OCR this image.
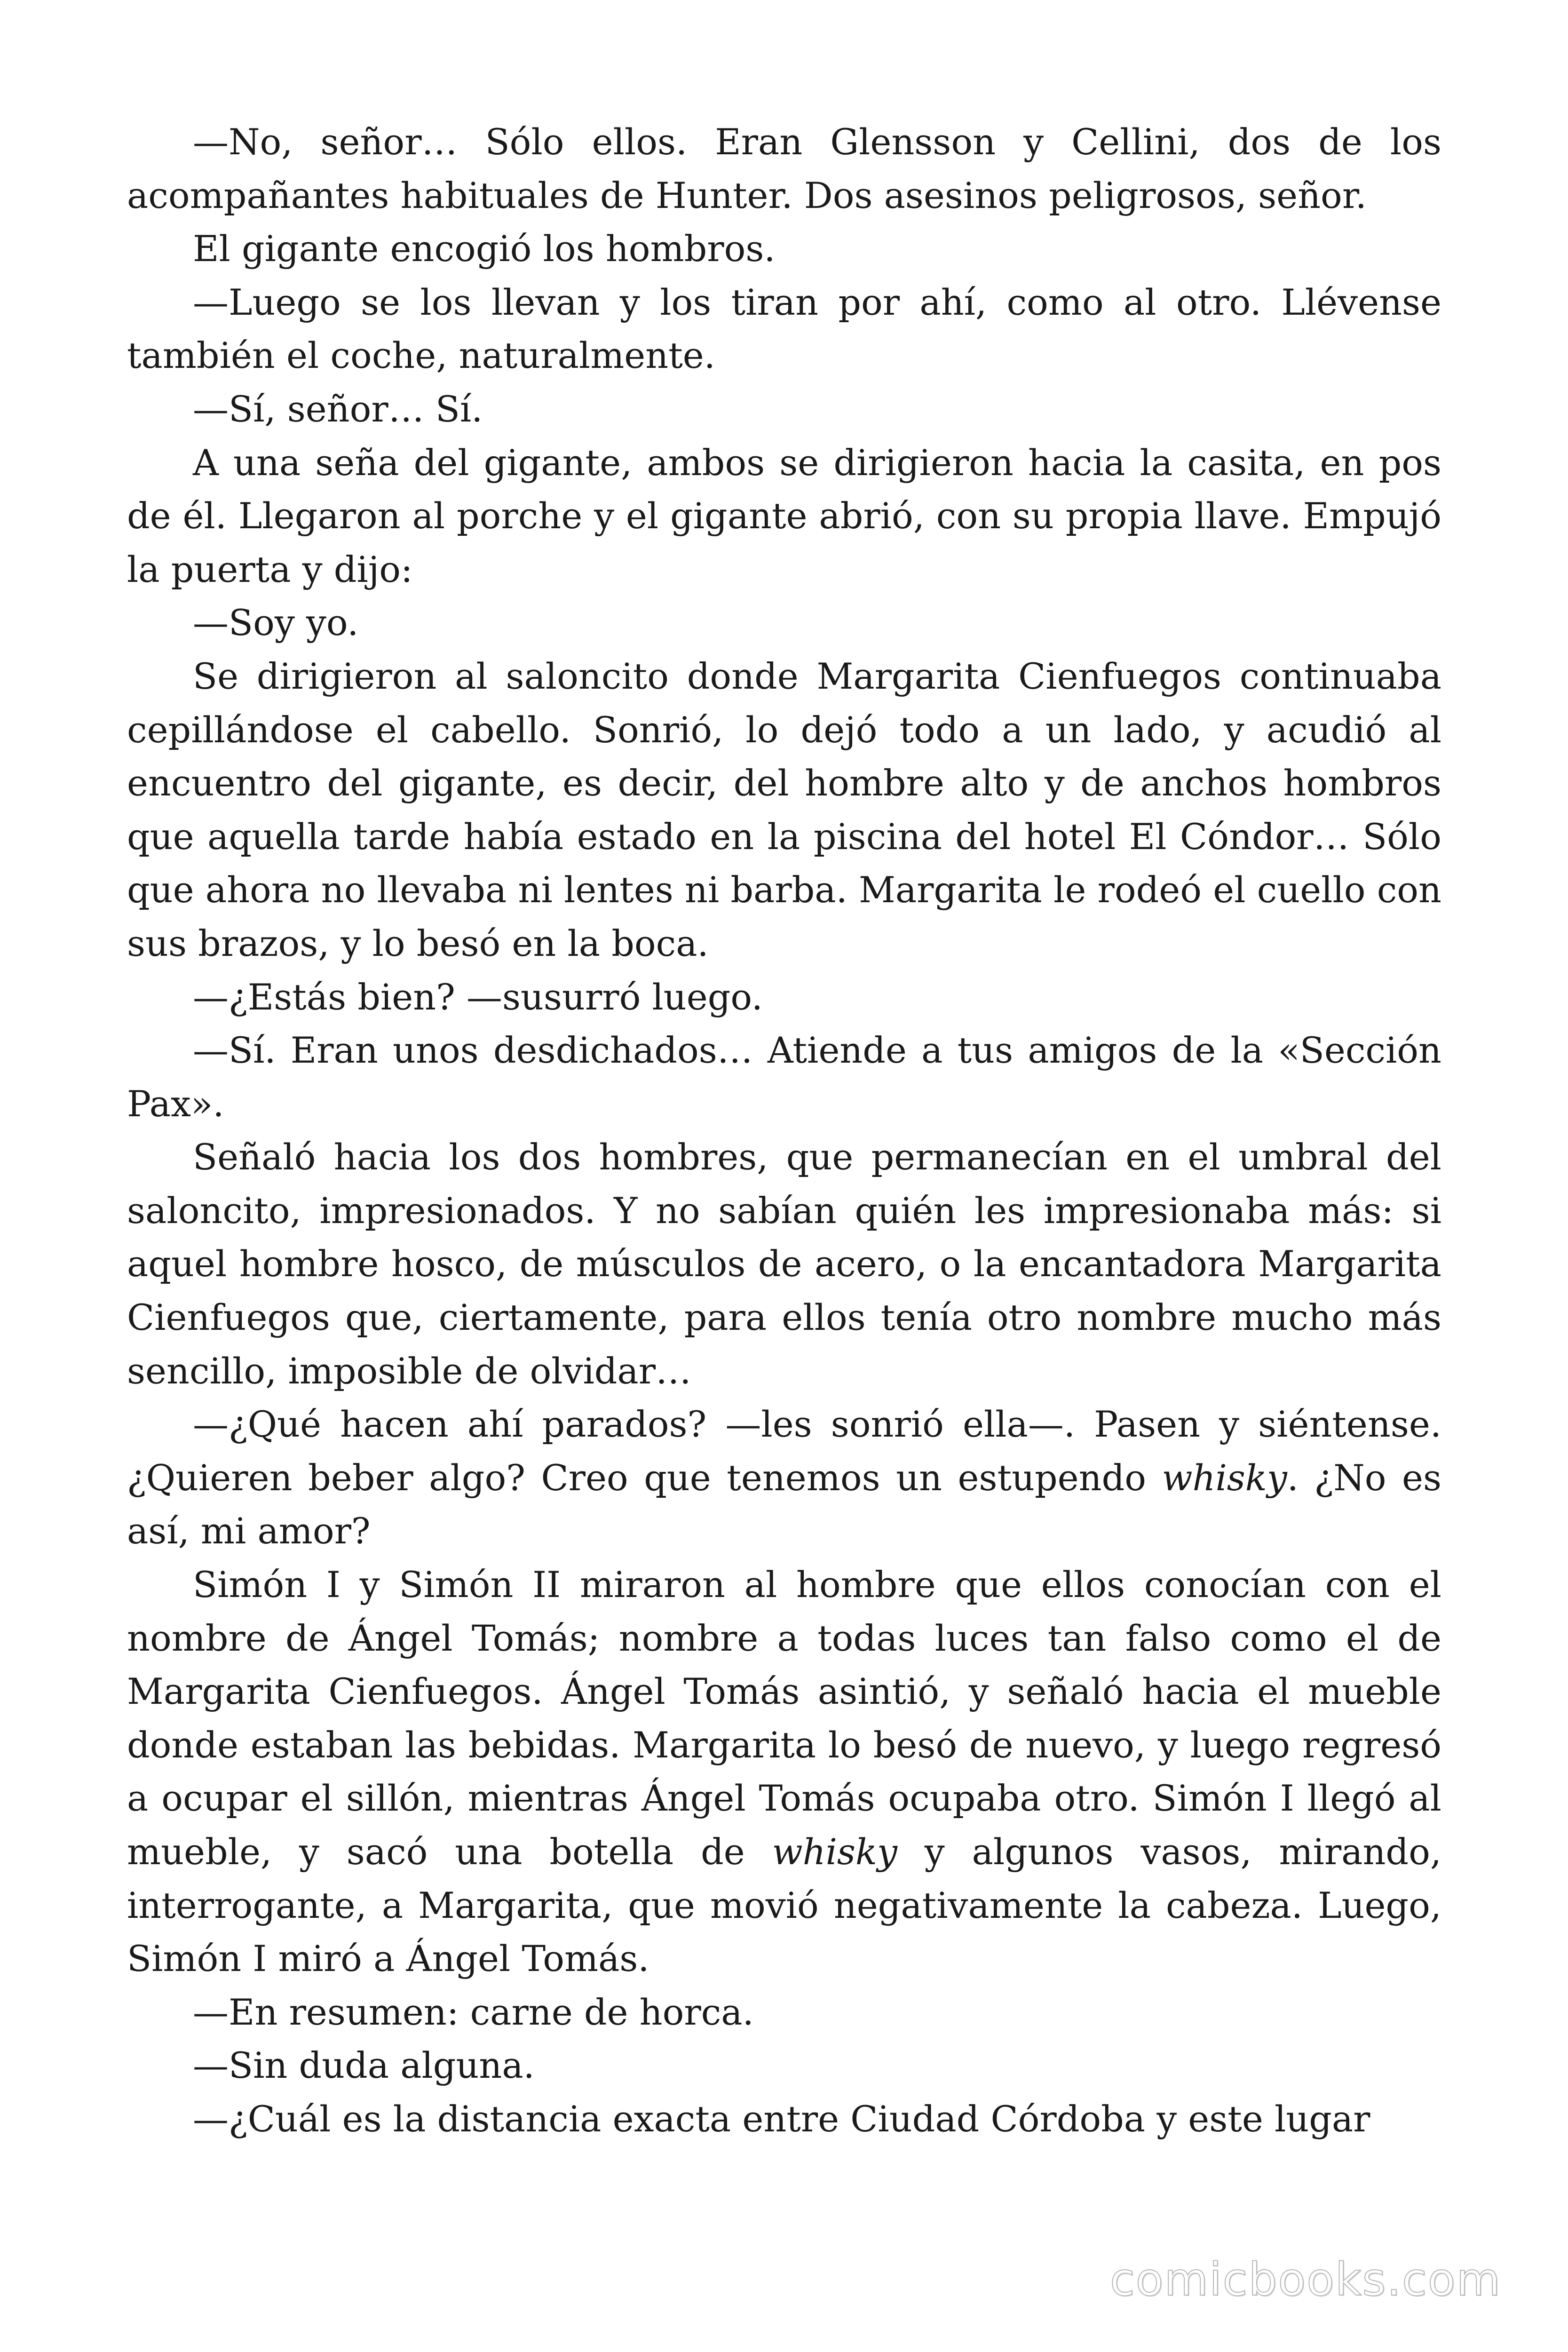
—No, señor… Sólo ellos. Eran Glensson y Cellini, dos de los acompañantes habituales de Hunter. Dos asesinos peligrosos, señor.

El gigante encogió los hombros.

—Luego se los llevan y los tiran por ahí, como al otro. Llévense también el coche, naturalmente.

—Sí, señor… Sí.

A una seña del gigante, ambos se dirigieron hacia la casita, en pos de él. Llegaron al porche y el gigante abrió, con su propia llave. Empujó la puerta y dijo:

—Soy yo.

Se dirigieron al saloncito donde Margarita Cienfuegos continuaba cepillándose el cabello. Sonrió, lo dejó todo a un lado, y acudió al encuentro del gigante, es decir, del hombre alto y de anchos hombros que aquella tarde había estado en la piscina del hotel El Cóndor… Sólo que ahora no llevaba ni lentes ni barba. Margarita le rodeó el cuello con sus brazos, y lo besó en la boca.

—¿Estás bien? —susurró luego.

—Sí. Eran unos desdichados… Atiende a tus amigos de la «Sección Pax».

Señaló hacia los dos hombres, que permanecían en el umbral del saloncito, impresionados. Y no sabían quién les impresionaba más: si aquel hombre hosco, de músculos de acero, o la encantadora Margarita Cienfuegos que, ciertamente, para ellos tenía otro nombre mucho más sencillo, imposible de olvidar…

—¿Qué hacen ahí parados? —les sonrió ella—. Pasen y siéntense. ¿Quieren beber algo? Creo que tenemos un estupendo whisky. ¿No es así, mi amor?

Simón I y Simón II miraron al hombre que ellos conocían con el nombre de Ángel Tomás; nombre a todas luces tan falso como el de Margarita Cienfuegos. Ángel Tomás asintió, y señaló hacia el mueble donde estaban las bebidas. Margarita lo besó de nuevo, y luego regresó a ocupar el sillón, mientras Ángel Tomás ocupaba otro. Simón I llegó al mueble, y sacó una botella de whisky y algunos vasos, mirando, interrogante, a Margarita, que movió negativamente la cabeza. Luego, Simón I miró a Ángel Tomás.

—En resumen: carne de horca.

—Sin duda alguna.

—¿Cuál es la distancia exacta entre Ciudad Córdoba y este lugar

comicbooks.com
